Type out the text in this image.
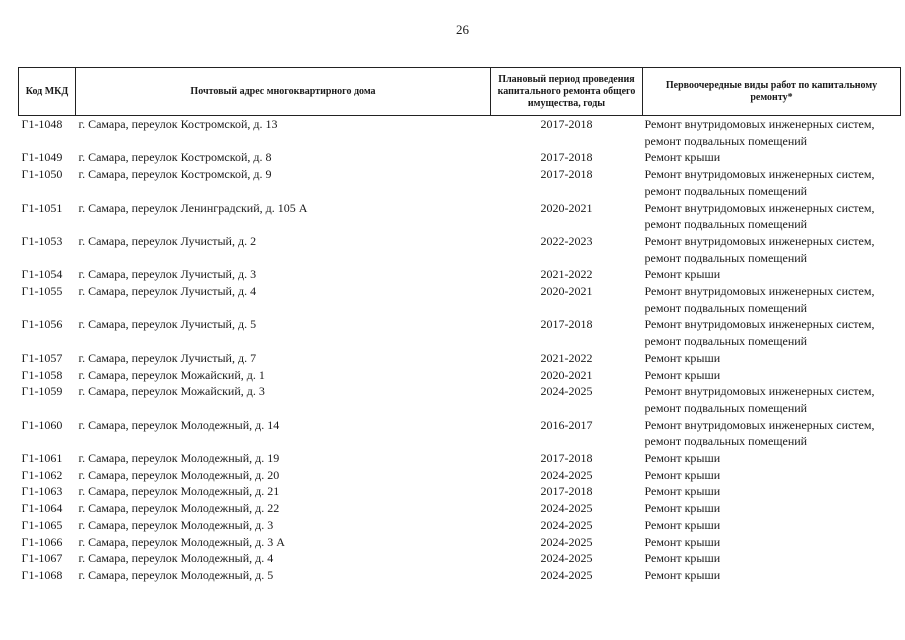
26
Код МКД	Почтовый адрес многоквартирного дома	Плановый период проведения капитального ремонта общего имущества, годы	Первоочередные виды работ по капитальному ремонту*
Г1-1048	г. Самара, переулок Костромской, д. 13	2017-2018	Ремонт внутридомовых инженерных систем,
ремонт подвальных помещений

Г1-1049	г. Самара, переулок Костромской, д. 8	2017-2018	Ремонт крыши

Г1-1050	г. Самара, переулок Костромской, д. 9	2017-2018	Ремонт внутридомовых инженерных систем,
ремонт подвальных помещений

Г1-1051	г. Самара, переулок Ленинградский, д. 105 А	2020-2021	Ремонт внутридомовых инженерных систем,
ремонт подвальных помещений

Г1-1053	г. Самара, переулок Лучистый, д. 2	2022-2023	Ремонт внутридомовых инженерных систем,
ремонт подвальных помещений

Г1-1054	г. Самара, переулок Лучистый, д. 3	2021-2022	Ремонт крыши

Г1-1055	г. Самара, переулок Лучистый, д. 4	2020-2021	Ремонт внутридомовых инженерных систем,
ремонт подвальных помещений

Г1-1056	г. Самара, переулок Лучистый, д. 5	2017-2018	Ремонт внутридомовых инженерных систем,
ремонт подвальных помещений

Г1-1057	г. Самара, переулок Лучистый, д. 7	2021-2022	Ремонт крыши

Г1-1058	г. Самара, переулок Можайский, д. 1	2020-2021	Ремонт крыши

Г1-1059	г. Самара, переулок Можайский, д. 3	2024-2025	Ремонт внутридомовых инженерных систем,
ремонт подвальных помещений

Г1-1060	г. Самара, переулок Молодежный, д. 14	2016-2017	Ремонт внутридомовых инженерных систем,
ремонт подвальных помещений

Г1-1061	г. Самара, переулок Молодежный, д. 19	2017-2018	Ремонт крыши

Г1-1062	г. Самара, переулок Молодежный, д. 20	2024-2025	Ремонт крыши

Г1-1063	г. Самара, переулок Молодежный, д. 21	2017-2018	Ремонт крыши

Г1-1064	г. Самара, переулок Молодежный, д. 22	2024-2025	Ремонт крыши

Г1-1065	г. Самара, переулок Молодежный, д. 3	2024-2025	Ремонт крыши

Г1-1066	г. Самара, переулок Молодежный, д. 3 А	2024-2025	Ремонт крыши

Г1-1067	г. Самара, переулок Молодежный, д. 4	2024-2025	Ремонт крыши

Г1-1068	г. Самара, переулок Молодежный, д. 5	2024-2025	Ремонт крыши
